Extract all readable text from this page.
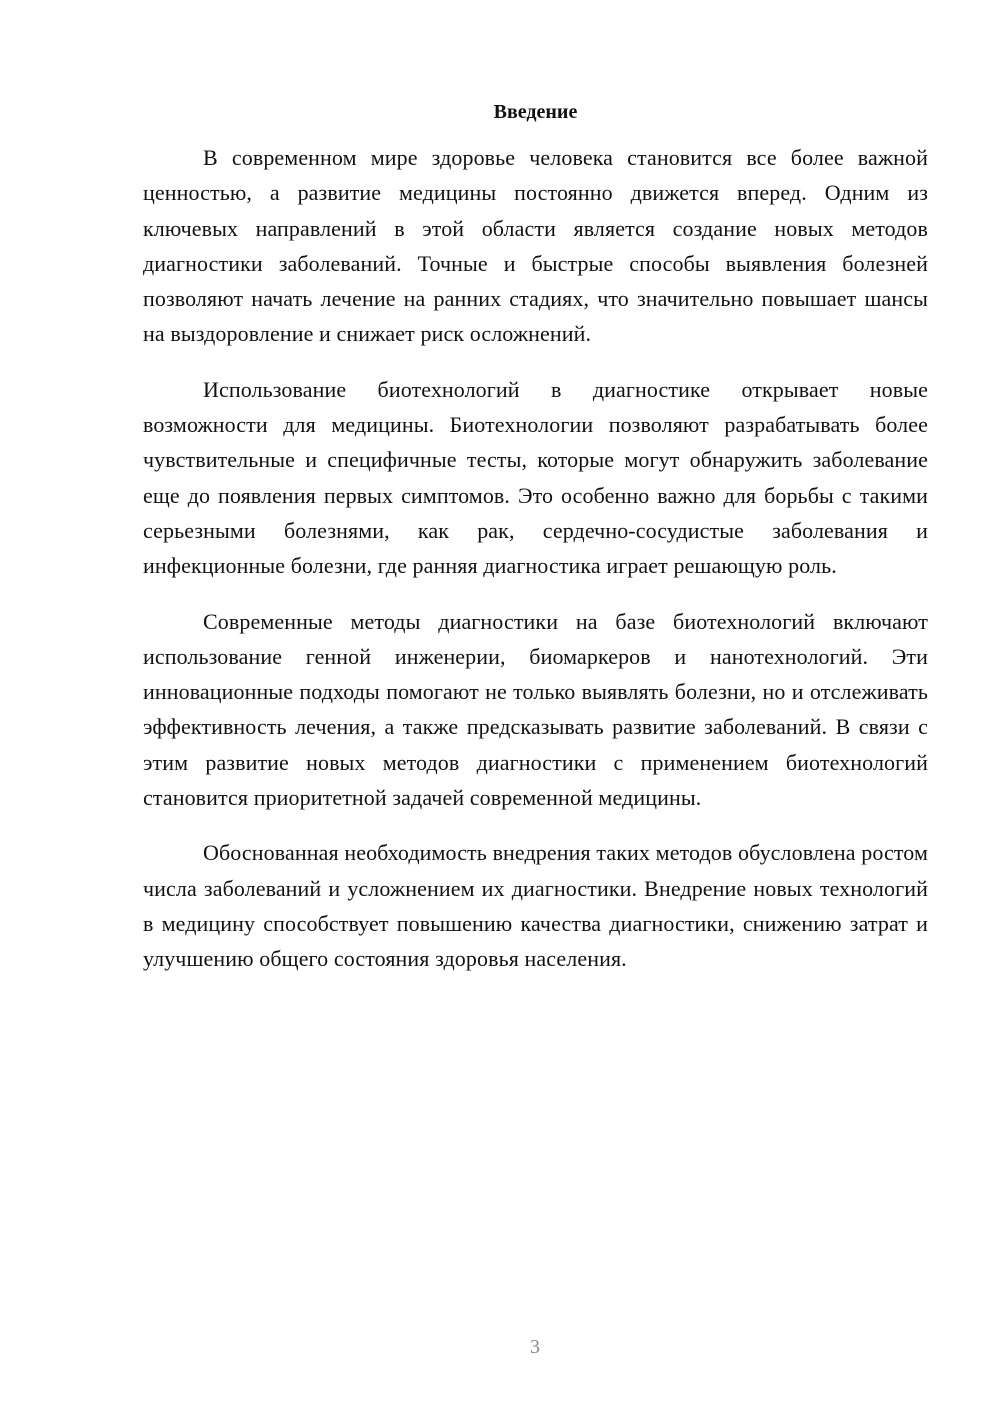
Введение

В современном мире здоровье человека становится все более важной ценностью, а развитие медицины постоянно движется вперед. Одним из ключевых направлений в этой области является создание новых методов диагностики заболеваний. Точные и быстрые способы выявления болезней позволяют начать лечение на ранних стадиях, что значительно повышает шансы на выздоровление и снижает риск осложнений.

Использование биотехнологий в диагностике открывает новые возможности для медицины. Биотехнологии позволяют разрабатывать более чувствительные и специфичные тесты, которые могут обнаружить заболевание еще до появления первых симптомов. Это особенно важно для борьбы с такими серьезными болезнями, как рак, сердечно-сосудистые заболевания и инфекционные болезни, где ранняя диагностика играет решающую роль.

Современные методы диагностики на базе биотехнологий включают использование генной инженерии, биомаркеров и нанотехнологий. Эти инновационные подходы помогают не только выявлять болезни, но и отслеживать эффективность лечения, а также предсказывать развитие заболеваний. В связи с этим развитие новых методов диагностики с применением биотехнологий становится приоритетной задачей современной медицины.

Обоснованная необходимость внедрения таких методов обусловлена ростом числа заболеваний и усложнением их диагностики. Внедрение новых технологий в медицину способствует повышению качества диагностики, снижению затрат и улучшению общего состояния здоровья населения.

3
